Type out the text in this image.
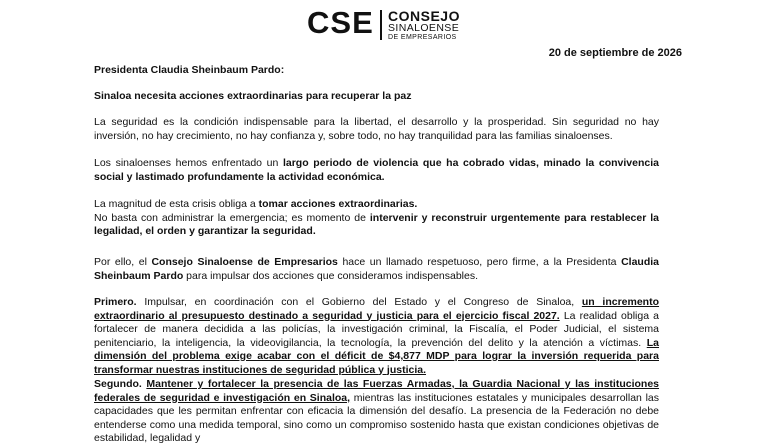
CSE CONSEJO
SINALOENSE
DE EMPRESARIOS
20 de septiembre de 2026
Presidenta Claudia Sheinbaum Pardo:
Sinaloa necesita acciones extraordinarias para recuperar la paz
La seguridad es la condición indispensable para la libertad, el desarrollo y la prosperidad. Sin seguridad no hay inversión, no hay crecimiento, no hay confianza y, sobre todo, no hay tranquilidad para las familias sinaloenses.
Los sinaloenses hemos enfrentado un largo periodo de violencia que ha cobrado vidas, minado la convivencia social y lastimado profundamente la actividad económica.
La magnitud de esta crisis obliga a tomar acciones extraordinarias.
No basta con administrar la emergencia; es momento de intervenir y reconstruir urgentemente para restablecer la legalidad, el orden y garantizar la seguridad.
Por ello, el Consejo Sinaloense de Empresarios hace un llamado respetuoso, pero firme, a la Presidenta Claudia Sheinbaum Pardo para impulsar dos acciones que consideramos indispensables.
Primero. Impulsar, en coordinación con el Gobierno del Estado y el Congreso de Sinaloa, un incremento extraordinario al presupuesto destinado a seguridad y justicia para el ejercicio fiscal 2027. La realidad obliga a fortalecer de manera decidida a las policías, la investigación criminal, la Fiscalía, el Poder Judicial, el sistema penitenciario, la inteligencia, la videovigilancia, la tecnología, la prevención del delito y la atención a víctimas. La dimensión del problema exige acabar con el déficit de $4,877 MDP para lograr la inversión requerida para transformar nuestras instituciones de seguridad pública y justicia.
Segundo. Mantener y fortalecer la presencia de las Fuerzas Armadas, la Guardia Nacional y las instituciones federales de seguridad e investigación en Sinaloa, mientras las instituciones estatales y municipales desarrollan las capacidades que les permitan enfrentar con eficacia la dimensión del desafío. La presencia de la Federación no debe entenderse como una medida temporal, sino como un compromiso sostenido hasta que existan condiciones objetivas de estabilidad, legalidad y
